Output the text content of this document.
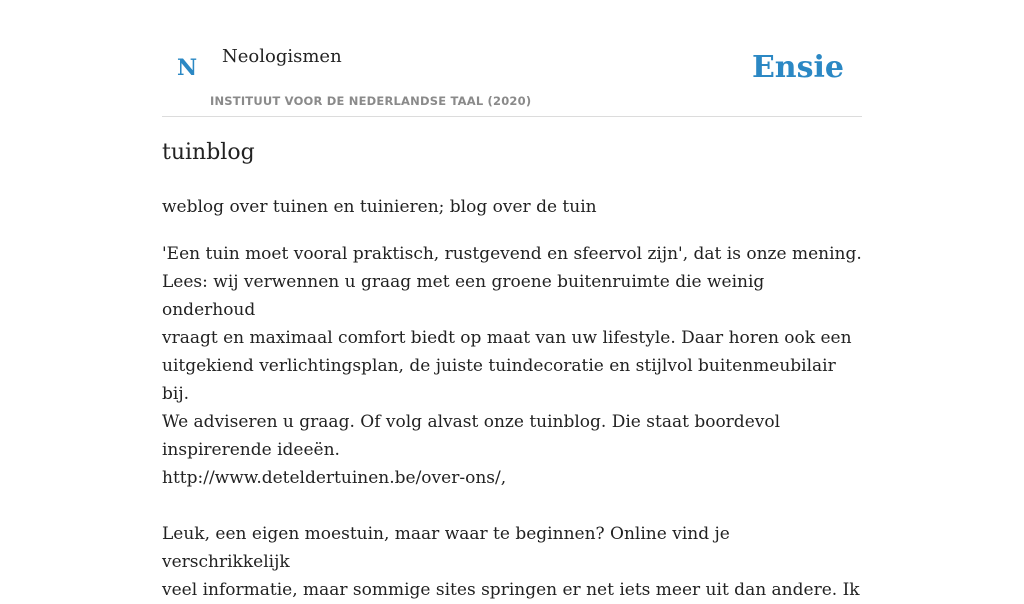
N Neologismen
INSTITUUT VOOR DE NEDERLANDSE TAAL (2020)
Ensie
tuinblog
weblog over tuinen en tuinieren; blog over de tuin

'Een tuin moet vooral praktisch, rustgevend en sfeervol zijn', dat is onze mening.

Lees: wij verwennen u graag met een groene buitenruimte die weinig onderhoud

vraagt en maximaal comfort biedt op maat van uw lifestyle. Daar horen ook een

uitgekiend verlichtingsplan, de juiste tuindecoratie en stijlvol buitenmeubilair bij.

We adviseren u graag. Of volg alvast onze tuinblog. Die staat boordevol

inspirerende ideeën.

http://www.deteldertuinen.be/over-ons/,

Leuk, een eigen moestuin, maar waar te beginnen? Online vind je verschrikkelijk

veel informatie, maar sommige sites springen er net iets meer uit dan andere. Ik
